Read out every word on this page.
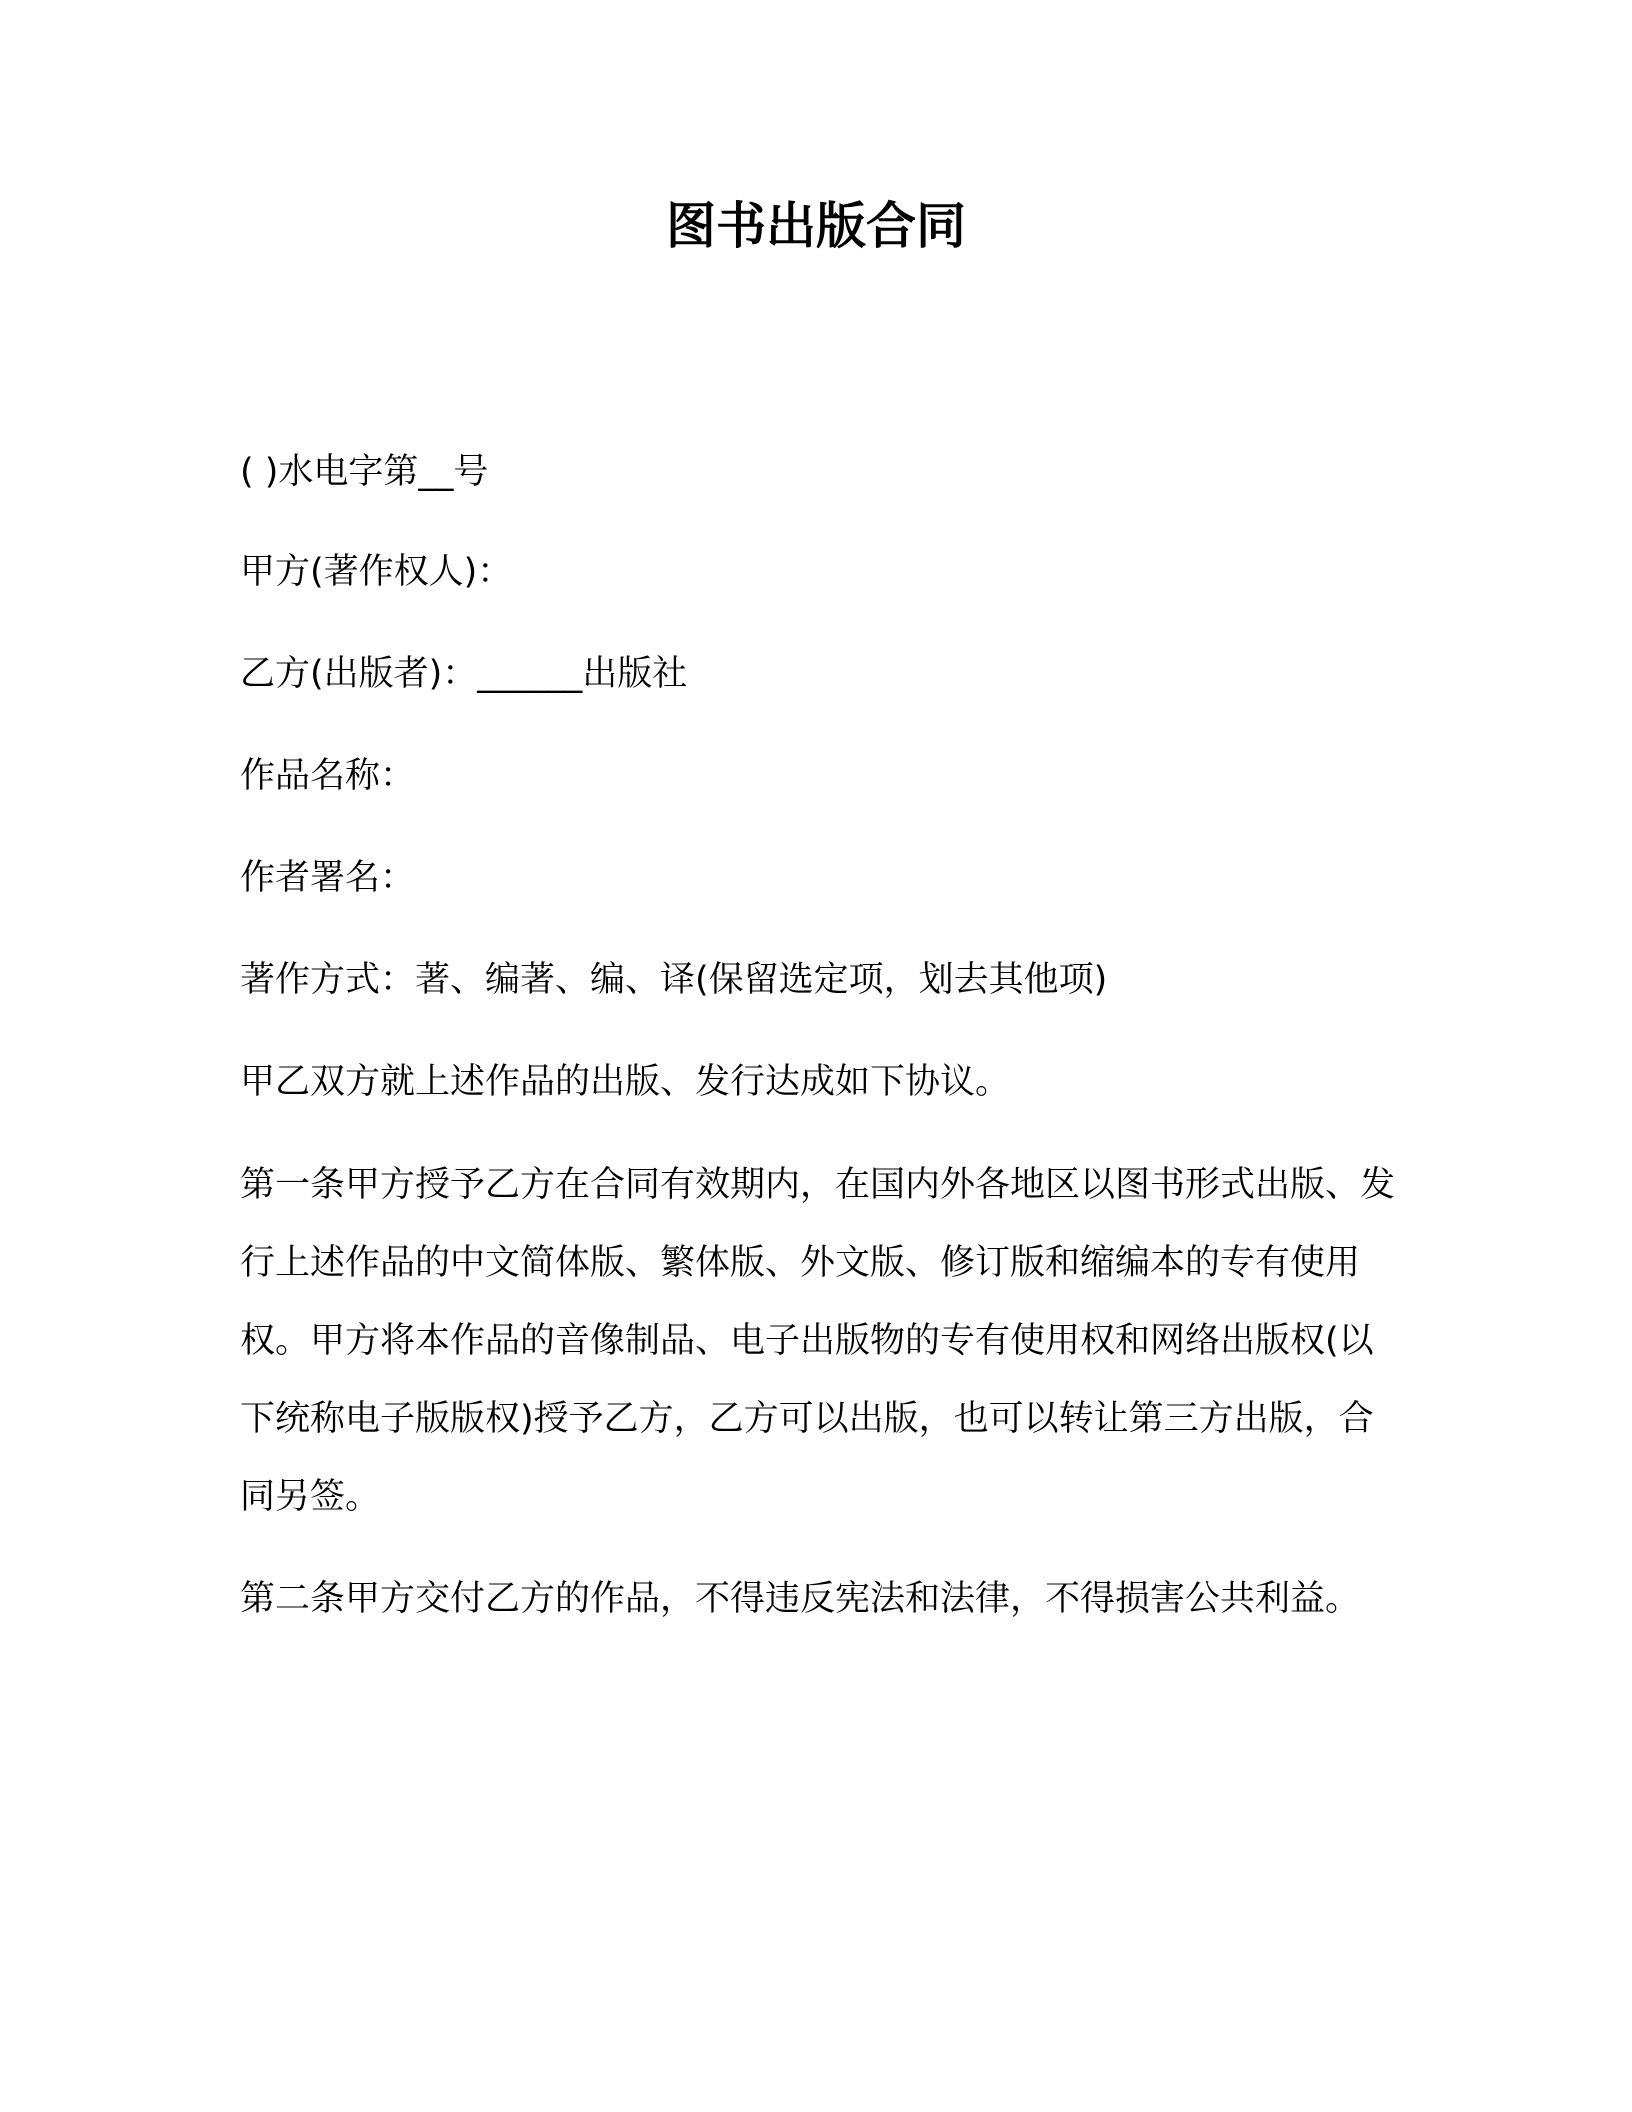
图书出版合同

( )水电字第__号

甲方(著作权人)：

乙方(出版者)：______出版社

作品名称：

作者署名：

著作方式：著、编著、编、译(保留选定项，划去其他项)

甲乙双方就上述作品的出版、发行达成如下协议。

第一条甲方授予乙方在合同有效期内，在国内外各地区以图书形式出版、发行上述作品的中文简体版、繁体版、外文版、修订版和缩编本的专有使用权。甲方将本作品的音像制品、电子出版物的专有使用权和网络出版权(以下统称电子版版权)授予乙方，乙方可以出版，也可以转让第三方出版，合同另签。

第二条甲方交付乙方的作品，不得违反宪法和法律，不得损害公共利益。
